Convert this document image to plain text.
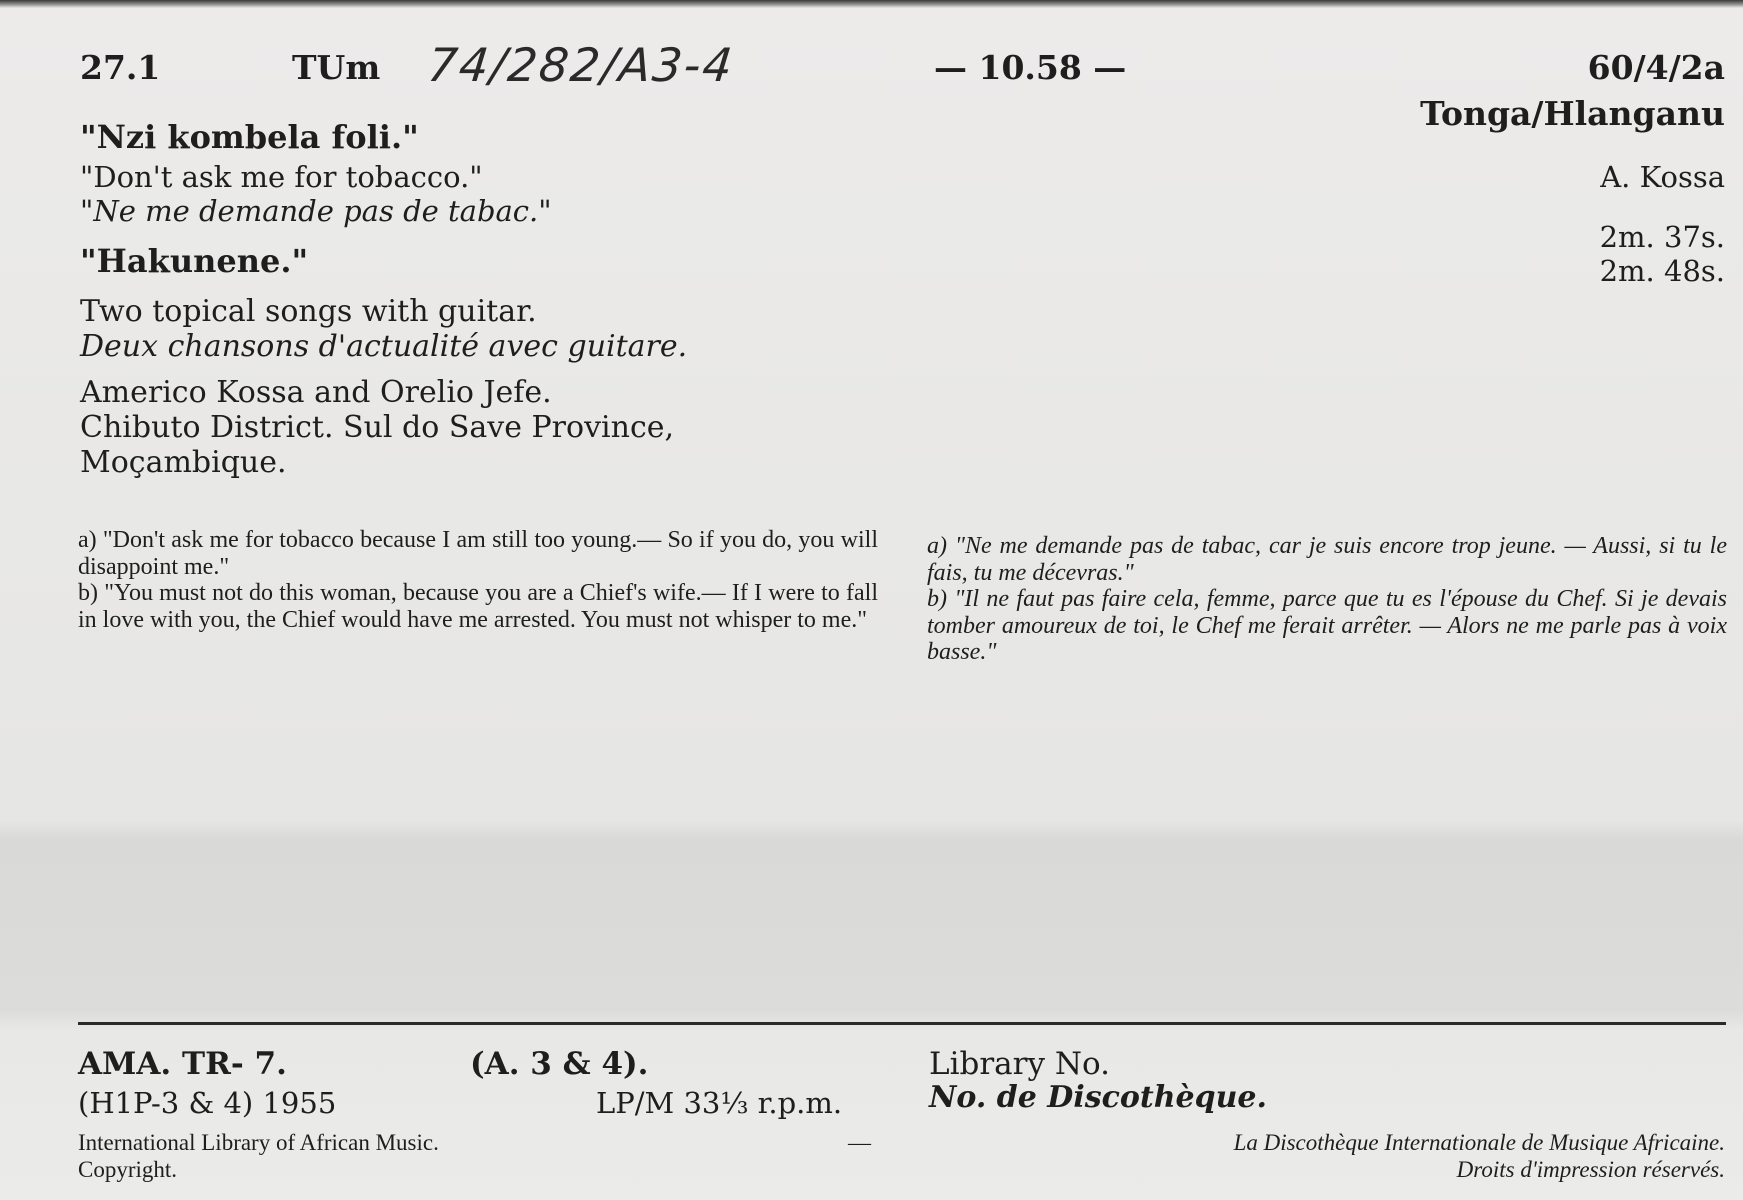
27.1	TUm 74/282/A3-4	— 10.58 —	60/4/2a
Tonga/Hlanganu
A. Kossa
2m. 37s.
2m. 48s.
"Nzi kombela foli."
"Don't ask me for tobacco."
"Ne me demande pas de tabac."
"Hakunene."
Two topical songs with guitar.
Deux chansons d'actualité avec guitare.
Americo Kossa and Orelio Jefe.
Chibuto District. Sul do Save Province,
Moçambique.
a) "Don't ask me for tobacco because I am still too young.— So if you do, you will disappoint me."
b) "You must not do this woman, because you are a Chief's wife.— If I were to fall in love with you, the Chief would have me arrested. You must not whisper to me."
a) "Ne me demande pas de tabac, car je suis encore trop jeune. — Aussi, si tu le fais, tu me décevras."
b) "Il ne faut pas faire cela, femme, parce que tu es l'épouse du Chef. Si je devais tomber amoureux de toi, le Chef me ferait arrêter. — Alors ne me parle pas à voix basse."
AMA. TR- 7.	(A. 3 & 4).
(H1P-3 & 4) 1955	LP/M 33⅓ r.p.m.
Library No.
No. de Discothèque.
International Library of African Music.
Copyright.
—	La Discothèque Internationale de Musique Africaine.
Droits d'impression réservés.
